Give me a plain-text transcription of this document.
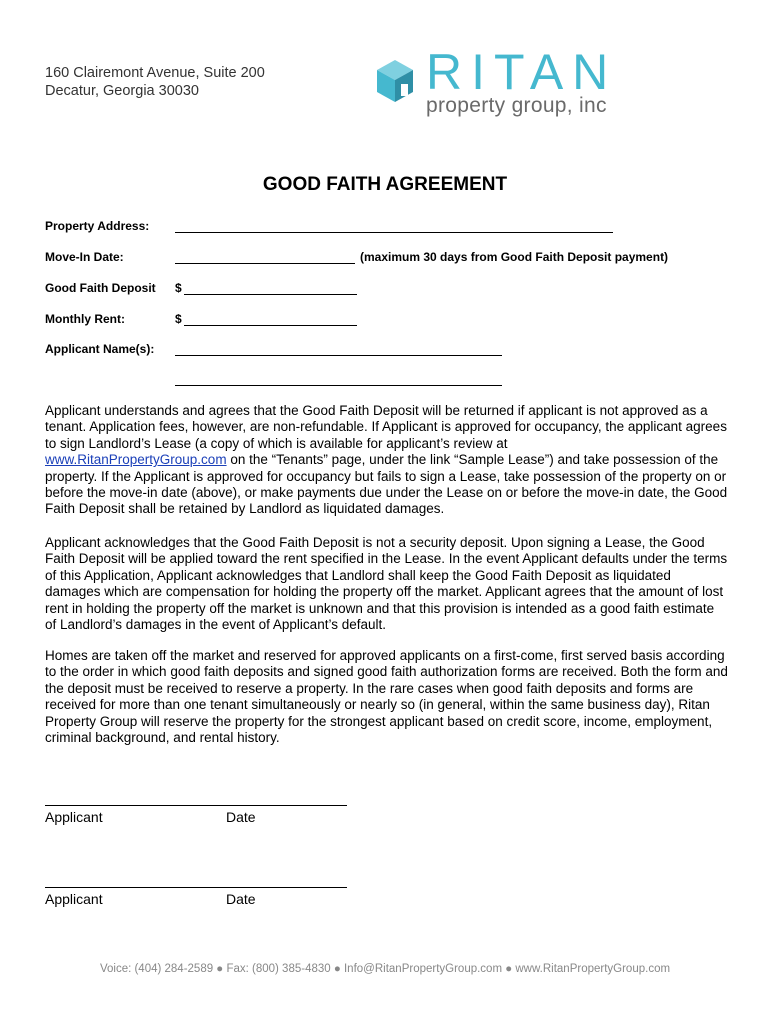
160 Clairemont Avenue, Suite 200
Decatur, Georgia 30030	RITAN
property group, inc
GOOD FAITH AGREEMENT
Property Address:
Move-In Date:	(maximum 30 days from Good Faith Deposit payment)
Good Faith Deposit $
Monthly Rent:	$
Applicant Name(s):
Applicant understands and agrees that the Good Faith Deposit will be returned if applicant is not approved as a tenant. Application fees, however, are non-refundable. If Applicant is approved for occupancy, the applicant agrees to sign Landlord’s Lease (a copy of which is available for applicant’s review at
www.RitanPropertyGroup.com on the “Tenants” page, under the link “Sample Lease”) and take possession of the property. If the Applicant is approved for occupancy but fails to sign a Lease, take possession of the property on or before the move-in date (above), or make payments due under the Lease on or before the move-in date, the Good Faith Deposit shall be retained by Landlord as liquidated damages.
Applicant acknowledges that the Good Faith Deposit is not a security deposit. Upon signing a Lease, the Good Faith Deposit will be applied toward the rent specified in the Lease. In the event Applicant defaults under the terms of this Application, Applicant acknowledges that Landlord shall keep the Good Faith Deposit as liquidated damages which are compensation for holding the property off the market. Applicant agrees that the amount of lost rent in holding the property off the market is unknown and that this provision is intended as a good faith estimate of Landlord’s damages in the event of Applicant’s default.
Homes are taken off the market and reserved for approved applicants on a first-come, first served basis according to the order in which good faith deposits and signed good faith authorization forms are received. Both the form and the deposit must be received to reserve a property. In the rare cases when good faith deposits and forms are received for more than one tenant simultaneously or nearly so (in general, within the same business day), Ritan Property Group will reserve the property for the strongest applicant based on credit score, income, employment, criminal background, and rental history.
Applicant	Date
Applicant	Date
Voice: (404) 284-2589 ● Fax: (800) 385-4830 ● Info@RitanPropertyGroup.com ● www.RitanPropertyGroup.com
